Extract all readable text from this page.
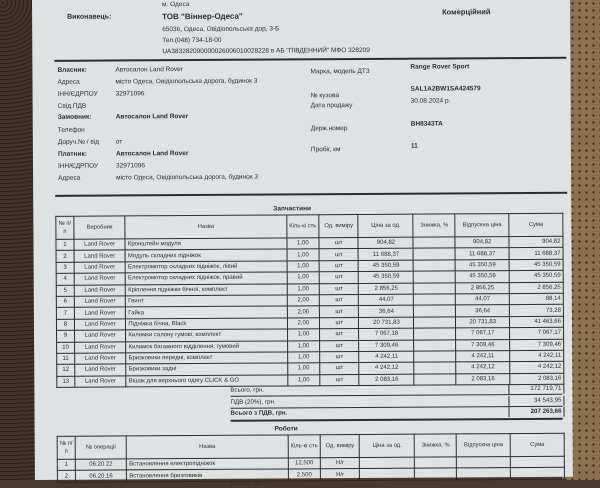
м. Одеса
Виконавець:	ТОВ "Віннер-Одеса"
65036, Одеса, Овідіопольська дор, 3-Б
Тел.(048) 734-18-00
UA383282090000026006010028228 в АБ "ПІВДЕННИЙ" МФО 328209
Комерційний
Власник:	Автосалон Land Rover
Адреса	місто Одеса, Овідіопольська дорога, будинок 3
ІНН/ЄДРПОУ	32971096
Свід.ПДВ
Замовник:	Автосалон Land Rover
Телефон
Доруч.№ / від	от
Платник:	Автосалон Land Rover
ІНН/ЄДРПОУ	32971096
Адреса	місто Одеса, Овідіопольська дорога, будинок 3
Марка, модель ДТЗ
Range Rover Sport
№ кузова
SAL1A2BW1SA424579
Дата продажу
30.08.2024 р.
Держ.номер
ВН8343ТА
Пробіг, км	11
Запчастини
№ п/п	Виробник	Назва	Кіль-кі сть	Од. виміру	Ціна за од.	Знижка, %	Відпускна ціна	Сума
1	Land Rover	Кронштейн модуля	1,00	шт	904,82		904,82	904,82
2	Land Rover	Модуль складних підніжок	1,00	шт	11 688,37		11 688,37	11 688,37
3	Land Rover	Електромотор складних підніжок, лівий	1,00	шт	45 350,59		45 350,59	45 350,59
4	Land Rover	Електромотор складних підніжок, правий	1,00	шт	45 350,59		45 350,59	45 350,59
5	Land Rover	Кріплення підніжки бічної, комплект	1,00	шт	2 856,25		2 856,25	2 856,25
6	Land Rover	Гвинт	2,00	шт	44,07		44,07	88,14
7	Land Rover	Гайка	2,00	шт	36,64		36,64	73,28
8	Land Rover	Підніжка бічна, Black	2,00	шт	20 731,83		20 731,83	41 463,66
9	Land Rover	Килимки салону гумові, комплект	1,00	шт	7 067,18		7 067,17	7 067,17
10	Land Rover	Килимок багажного відділення, гумовий	1,00	шт	7 309,46		7 309,46	7 309,46
11	Land Rover	Бризковики передні, комплект	1,00	шт	4 242,11		4 242,11	4 242,11
12	Land Rover	Бризковики задні	1,00	шт	4 242,12		4 242,12	4 242,12
13	Land Rover	Вішак для верхнього одягу CLICK & GO	1,00	шт	2 083,16		2 083,16	2 083,16
Всього, грн.	172 719,71
ПДВ (20%), грн.	34 543,95
Всього з ПДВ, грн.	207 263,66
Роботи
№ п/п	№ операції	Назва	Кіль-кі сть	Од. виміру	Ціна за од.	Знижка, %	Відпускна ціна	Сума
1	06.20.22	Встановлення електропідніжок	12,500	Н/г				
2	06.20.16	Встановлення бризговиків	2,500	Н/г				
Всього, грн.
